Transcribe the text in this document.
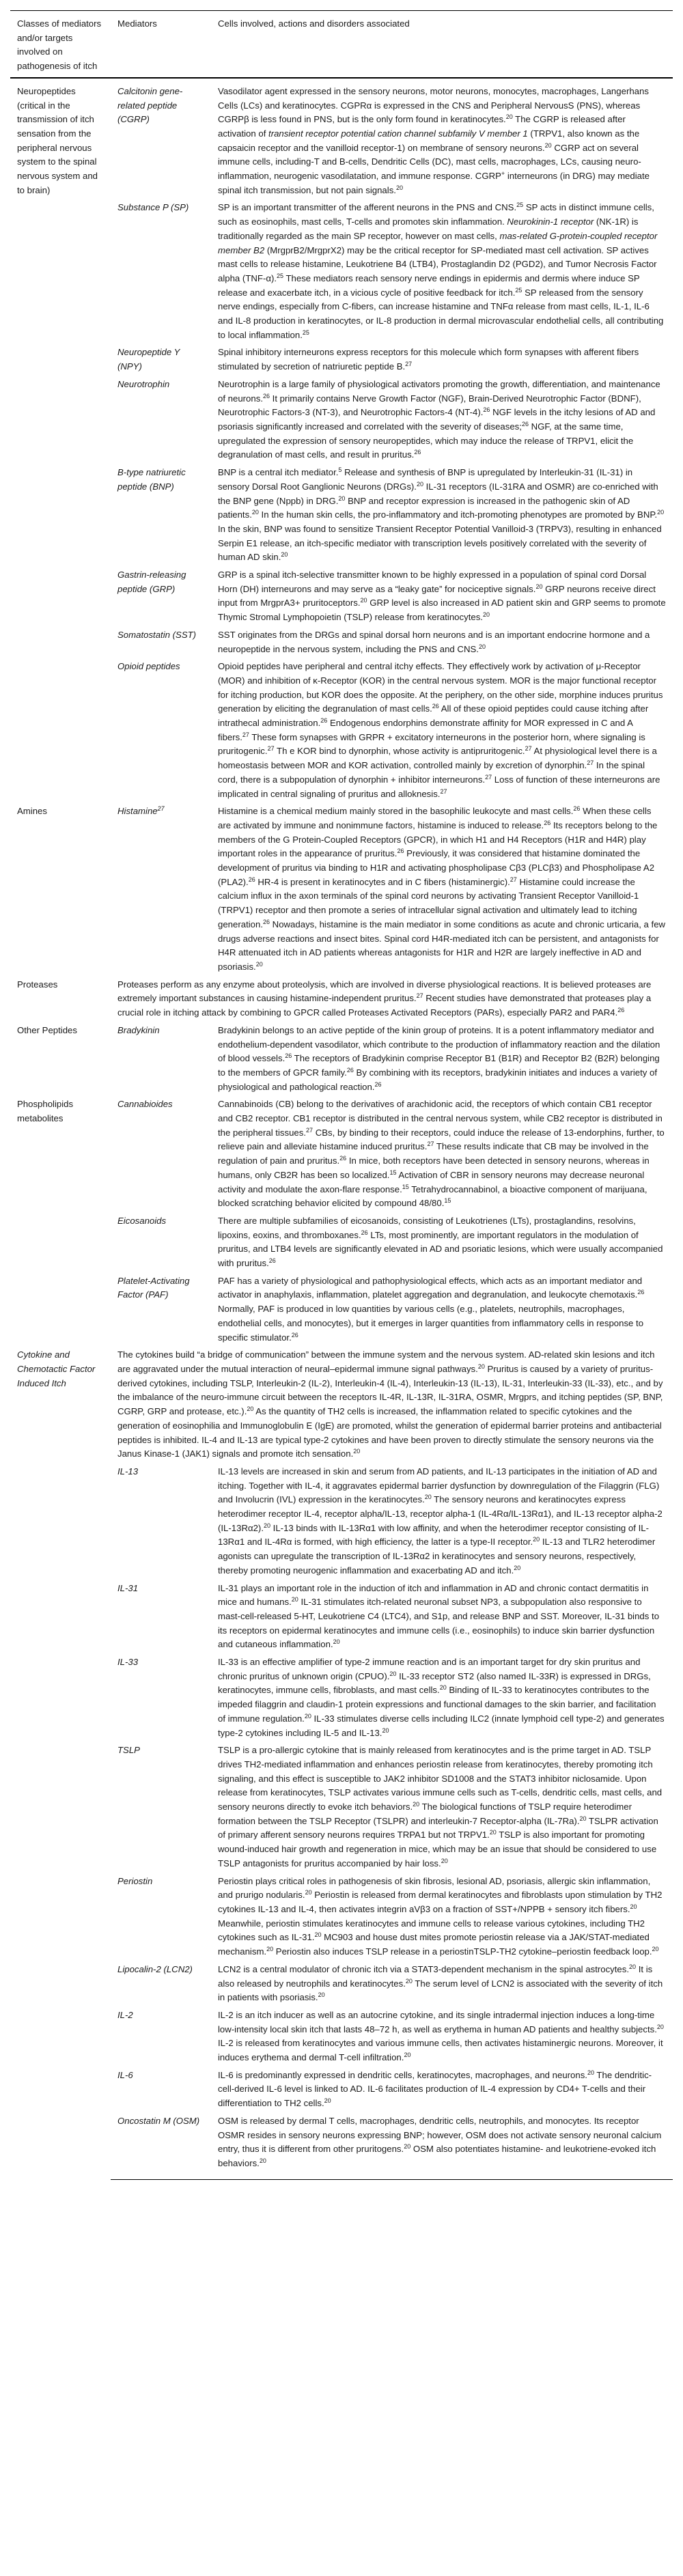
Classes of mediators and/or targets involved on pathogenesis of itch	Mediators	Cells involved, actions and disorders associated
Neuropeptides (critical in the transmission of itch sensation from the peripheral nervous system to the spinal nervous system and to brain)	Calcitonin gene-related peptide (CGRP)	Vasodilator agent expressed in the sensory neurons, motor neurons, monocytes, macrophages, Langerhans Cells (LCs) and keratinocytes. CGPRα is expressed in the CNS and Peripheral NervousS (PNS), whereas CGRPβ is less found in PNS, but is the only form found in keratinocytes.$^{20}$ The CGRP is released after activation of transient receptor potential cation channel subfamily V member 1 (TRPV1, also known as the capsaicin receptor and the vanilloid receptor-1) on membrane of sensory neurons.$^{20}$ CGRP act on several immune cells, including-T and B-cells, Dendritic Cells (DC), mast cells, macrophages, LCs, causing neuro-inflammation, neurogenic vasodilatation, and immune response. CGRP+ interneurons (in DRG) may mediate spinal itch transmission, but not pain signals.$^{20}$
	Substance P (SP)	SP is an important transmitter of the afferent neurons in the PNS and CNS.$^{25}$ SP acts in distinct immune cells, such as eosinophils, mast cells, T-cells and promotes skin inflammation. Neurokinin-1 receptor (NK-1R) is traditionally regarded as the main SP receptor, however on mast cells, mas-related G-protein-coupled receptor member B2 (MrgprB2/MrgprX2) may be the critical receptor for SP-mediated mast cell activation. SP actives mast cells to release histamine, Leukotriene B4 (LTB4), Prostaglandin D2 (PGD2), and Tumor Necrosis Factor alpha (TNF-α).$^{25}$ These mediators reach sensory nerve endings in epidermis and dermis where induce SP release and exacerbate itch, in a vicious cycle of positive feedback for itch.$^{25}$ SP released from the sensory nerve endings, especially from C-fibers, can increase histamine and TNFα release from mast cells, IL-1, IL-6 and IL-8 production in keratinocytes, or IL-8 production in dermal microvascular endothelial cells, all contributing to local inflammation.$^{25}$
	Neuropeptide Y (NPY)	Spinal inhibitory interneurons express receptors for this molecule which form synapses with afferent fibers stimulated by secretion of natriuretic peptide B.$^{27}$
	Neurotrophin	Neurotrophin is a large family of physiological activators promoting the growth, differentiation, and maintenance of neurons.$^{26}$ It primarily contains Nerve Growth Factor (NGF), Brain-Derived Neurotrophic Factor (BDNF), Neurotrophic Factors-3 (NT-3), and Neurotrophic Factors-4 (NT-4).$^{26}$ NGF levels in the itchy lesions of AD and psoriasis significantly increased and correlated with the severity of diseases;$^{26}$ NGF, at the same time, upregulated the expression of sensory neuropeptides, which may induce the release of TRPV1, elicit the degranulation of mast cells, and result in pruritus.$^{26}$
	B-type natriuretic peptide (BNP)	BNP is a central itch mediator.$^5$ Release and synthesis of BNP is upregulated by Interleukin-31 (IL-31) in sensory Dorsal Root Ganglionic Neurons (DRGs).$^{20}$ IL-31 receptors (IL-31RA and OSMR) are co-enriched with the BNP gene (Nppb) in DRG.$^{20}$ BNP and receptor expression is increased in the pathogenic skin of AD patients.$^{20}$ In the human skin cells, the pro-inflammatory and itch-promoting phenotypes are promoted by BNP.$^{20}$ In the skin, BNP was found to sensitize Transient Receptor Potential Vanilloid-3 (TRPV3), resulting in enhanced Serpin E1 release, an itch-specific mediator with transcription levels positively correlated with the severity of human AD skin.$^{20}$
	Gastrin-releasing peptide (GRP)	GRP is a spinal itch-selective transmitter known to be highly expressed in a population of spinal cord Dorsal Horn (DH) interneurons and may serve as a “leaky gate” for nociceptive signals.$^{20}$ GRP neurons receive direct input from MrgprA3+ pruritoceptors.$^{20}$ GRP level is also increased in AD patient skin and GRP seems to promote Thymic Stromal Lymphopoietin (TSLP) release from keratinocytes.$^{20}$
	Somatostatin (SST)	SST originates from the DRGs and spinal dorsal horn neurons and is an important endocrine hormone and a neuropeptide in the nervous system, including the PNS and CNS.$^{20}$
	Opioid peptides	Opioid peptides have peripheral and central itchy effects. They effectively work by activation of μ-Receptor (MOR) and inhibition of κ-Receptor (KOR) in the central nervous system. MOR is the major functional receptor for itching production, but KOR does the opposite. At the periphery, on the other side, morphine induces pruritus generation by eliciting the degranulation of mast cells.$^{26}$ All of these opioid peptides could cause itching after intrathecal administration.$^{26}$ Endogenous endorphins demonstrate affinity for MOR expressed in C and A fibers.$^{27}$ These form synapses with GRPR + excitatory interneurons in the posterior horn, where signaling is pruritogenic.$^{27}$ Th e KOR bind to dynorphin, whose activity is antipruritogenic.$^{27}$ At physiological level there is a homeostasis between MOR and KOR activation, controlled mainly by excretion of dynorphin.$^{27}$ In the spinal cord, there is a subpopulation of dynorphin + inhibitor interneurons.$^{27}$ Loss of function of these interneurons are implicated in central signaling of pruritus and alloknesis.$^{27}$
Amines	Histamine$^{27}$	Histamine is a chemical medium mainly stored in the basophilic leukocyte and mast cells.$^{26}$ When these cells are activated by immune and nonimmune factors, histamine is induced to release.$^{26}$ Its receptors belong to the members of the G Protein-Coupled Receptors (GPCR), in which H1 and H4 Receptors (H1R and H4R) play important roles in the appearance of pruritus.$^{26}$ Previously, it was considered that histamine dominated the development of pruritus via binding to H1R and activating phospholipase Cβ3 (PLCβ3) and Phospholipase A2 (PLA2).$^{26}$ HR-4 is present in keratinocytes and in C fibers (histaminergic).$^{27}$ Histamine could increase the calcium influx in the axon terminals of the spinal cord neurons by activating Transient Receptor Vanilloid-1 (TRPV1) receptor and then promote a series of intracellular signal activation and ultimately lead to itching generation.$^{26}$ Nowadays, histamine is the main mediator in some conditions as acute and chronic urticaria, a few drugs adverse reactions and insect bites. Spinal cord H4R-mediated itch can be persistent, and antagonists for H4R attenuated itch in AD patients whereas antagonists for H1R and H2R are largely ineffective in AD and psoriasis.$^{20}$
Proteases	Proteases perform as any enzyme about proteolysis, which are involved in diverse physiological reactions. It is believed proteases are extremely important substances in causing histamine-independent pruritus.$^{27}$ Recent studies have demonstrated that proteases play a crucial role in itching attack by combining to GPCR called Proteases Activated Receptors (PARs), especially PAR2 and PAR4.26
Other Peptides	Bradykinin	Bradykinin belongs to an active peptide of the kinin group of proteins. It is a potent inflammatory mediator and endothelium-dependent vasodilator, which contribute to the production of inflammatory reaction and the dilation of blood vessels.$^{26}$ The receptors of Bradykinin comprise Receptor B1 (B1R) and Receptor B2 (B2R) belonging to the members of GPCR family.$^{26}$ By combining with its receptors, bradykinin initiates and induces a variety of physiological and pathological reaction.$^{26}$
Phospholipids metabolites	Cannabioides	Cannabinoids (CB) belong to the derivatives of arachidonic acid, the receptors of which contain CB1 receptor and CB2 receptor. CB1 receptor is distributed in the central nervous system, while CB2 receptor is distributed in the peripheral tissues.$^{27}$ CBs, by binding to their receptors, could induce the release of 13-endorphins, further, to relieve pain and alleviate histamine induced pruritus.$^{27}$ These results indicate that CB may be involved in the regulation of pain and pruritus.$^{26}$ In mice, both receptors have been detected in sensory neurons, whereas in humans, only CB2R has been so localized.$^{15}$ Activation of CBR in sensory neurons may decrease neuronal activity and modulate the axon-flare response.$^{15}$ Tetrahydrocannabinol, a bioactive component of marijuana, blocked scratching behavior elicited by compound 48/80.15
	Eicosanoids	There are multiple subfamilies of eicosanoids, consisting of Leukotrienes (LTs), prostaglandins, resolvins, lipoxins, eoxins, and thromboxanes.$^{26}$ LTs, most prominently, are important regulators in the modulation of pruritus, and LTB4 levels are significantly elevated in AD and psoriatic lesions, which were usually accompanied with pruritus.$^{26}$
	Platelet-Activating Factor (PAF)	PAF has a variety of physiological and pathophysiological effects, which acts as an important mediator and activator in anaphylaxis, inflammation, platelet aggregation and degranulation, and leukocyte chemotaxis.$^{26}$ Normally, PAF is produced in low quantities by various cells (e.g., platelets, neutrophils, macrophages, endothelial cells, and monocytes), but it emerges in larger quantities from inflammatory cells in response to specific stimulator.$^{26}$
Cytokine and Chemotactic Factor Induced Itch	The cytokines build “a bridge of communication” between the immune system and the nervous system. AD-related skin lesions and itch are aggravated under the mutual interaction of neural–epidermal immune signal pathways.$^{20}$ Pruritus is caused by a variety of pruritus-derived cytokines, including TSLP, Interleukin-2 (IL-2), Interleukin-4 (IL-4), Interleukin-13 (IL-13), IL-31, Interleukin-33 (IL-33), etc., and by the imbalance of the neuro-immune circuit between the receptors IL-4R, IL-13R, IL-31RA, OSMR, Mrgprs, and itching peptides (SP, BNP, CGRP, GRP and protease, etc.).$^{20}$ As the quantity of TH2 cells is increased, the inflammation related to specific cytokines and the generation of eosinophilia and Immunoglobulin E (IgE) are promoted, whilst the generation of epidermal barrier proteins and antibacterial peptides is inhibited. IL-4 and IL-13 are typical type-2 cytokines and have been proven to directly stimulate the sensory neurons via the Janus Kinase-1 (JAK1) signals and promote itch sensation.$^{20}$
	IL-13	IL-13 levels are increased in skin and serum from AD patients, and IL-13 participates in the initiation of AD and itching. Together with IL-4, it aggravates epidermal barrier dysfunction by downregulation of the Filaggrin (FLG) and Involucrin (IVL) expression in the keratinocytes.$^{20}$ The sensory neurons and keratinocytes express heterodimer receptor IL-4, receptor alpha/IL-13, receptor alpha-1 (IL-4Rα/IL-13Rα1), and IL-13 receptor alpha-2 (IL-13Rα2).$^{20}$ IL-13 binds with IL-13Rα1 with low affinity, and when the heterodimer receptor consisting of IL-13Rα1 and IL-4Rα is formed, with high efficiency, the latter is a type-II receptor.$^{20}$ IL-13 and TLR2 heterodimer agonists can upregulate the transcription of IL-13Rα2 in keratinocytes and sensory neurons, respectively, thereby promoting neurogenic inflammation and exacerbating AD and itch.$^{20}$
	IL-31	IL-31 plays an important role in the induction of itch and inflammation in AD and chronic contact dermatitis in mice and humans.$^{20}$ IL-31 stimulates itch-related neuronal subset NP3, a subpopulation also responsive to mast-cell-released 5-HT, Leukotriene C4 (LTC4), and S1p, and release BNP and SST. Moreover, IL-31 binds to its receptors on epidermal keratinocytes and immune cells (i.e., eosinophils) to induce skin barrier dysfunction and cutaneous inflammation.$^{20}$
	IL-33	IL-33 is an effective amplifier of type-2 immune reaction and is an important target for dry skin pruritus and chronic pruritus of unknown origin (CPUO).$^{20}$ IL-33 receptor ST2 (also named IL-33R) is expressed in DRGs, keratinocytes, immune cells, fibroblasts, and mast cells.$^{20}$ Binding of IL-33 to keratinocytes contributes to the impeded filaggrin and claudin-1 protein expressions and functional damages to the skin barrier, and facilitation of immune regulation.$^{20}$ IL-33 stimulates diverse cells including ILC2 (innate lymphoid cell type-2) and generates type-2 cytokines including IL-5 and IL-13.20
	TSLP	TSLP is a pro-allergic cytokine that is mainly released from keratinocytes and is the prime target in AD. TSLP drives TH2-mediated inflammation and enhances periostin release from keratinocytes, thereby promoting itch signaling, and this effect is susceptible to JAK2 inhibitor SD1008 and the STAT3 inhibitor niclosamide. Upon release from keratinocytes, TSLP activates various immune cells such as T-cells, dendritic cells, mast cells, and sensory neurons directly to evoke itch behaviors.$^{20}$ The biological functions of TSLP require heterodimer formation between the TSLP Receptor (TSLPR) and interleukin-7 Receptor-alpha (IL-7Ra).$^{20}$ TSLPR activation of primary afferent sensory neurons requires TRPA1 but not TRPV1.20 TSLP is also important for promoting wound-induced hair growth and regeneration in mice, which may be an issue that should be considered to use TSLP antagonists for pruritus accompanied by hair loss.$^{20}$
	Periostin	Periostin plays critical roles in pathogenesis of skin fibrosis, lesional AD, psoriasis, allergic skin inflammation, and prurigo nodularis.$^{20}$ Periostin is released from dermal keratinocytes and fibroblasts upon stimulation by TH2 cytokines IL-13 and IL-4, then activates integrin aVβ3 on a fraction of SST+/NPPB + sensory itch fibers.$^{20}$ Meanwhile, periostin stimulates keratinocytes and immune cells to release various cytokines, including TH2 cytokines such as IL-31.20 MC903 and house dust mites promote periostin release via a JAK/STAT-mediated mechanism.$^{20}$ Periostin also induces TSLP release in a periostinTSLP-TH2 cytokine–periostin feedback loop.$^{20}$
	Lipocalin-2 (LCN2)	LCN2 is a central modulator of chronic itch via a STAT3-dependent mechanism in the spinal astrocytes.$^{20}$ It is also released by neutrophils and keratinocytes.$^{20}$ The serum level of LCN2 is associated with the severity of itch in patients with psoriasis.$^{20}$
	IL-2	IL-2 is an itch inducer as well as an autocrine cytokine, and its single intradermal injection induces a long-time low-intensity local skin itch that lasts 48–72 h, as well as erythema in human AD patients and healthy subjects.$^{20}$ IL-2 is released from keratinocytes and various immune cells, then activates histaminergic neurons. Moreover, it induces erythema and dermal T-cell infiltration.$^{20}$
	IL-6	IL-6 is predominantly expressed in dendritic cells, keratinocytes, macrophages, and neurons.$^{20}$ The dendritic-cell-derived IL-6 level is linked to AD. IL-6 facilitates production of IL-4 expression by CD4+ T-cells and their differentiation to TH2 cells.$^{20}$
	Oncostatin M (OSM)	OSM is released by dermal T cells, macrophages, dendritic cells, neutrophils, and monocytes. Its receptor OSMR resides in sensory neurons expressing BNP; however, OSM does not activate sensory neuronal calcium entry, thus it is different from other pruritogens.$^{20}$ OSM also potentiates histamine- and leukotriene-evoked itch behaviors.$^{20}$
